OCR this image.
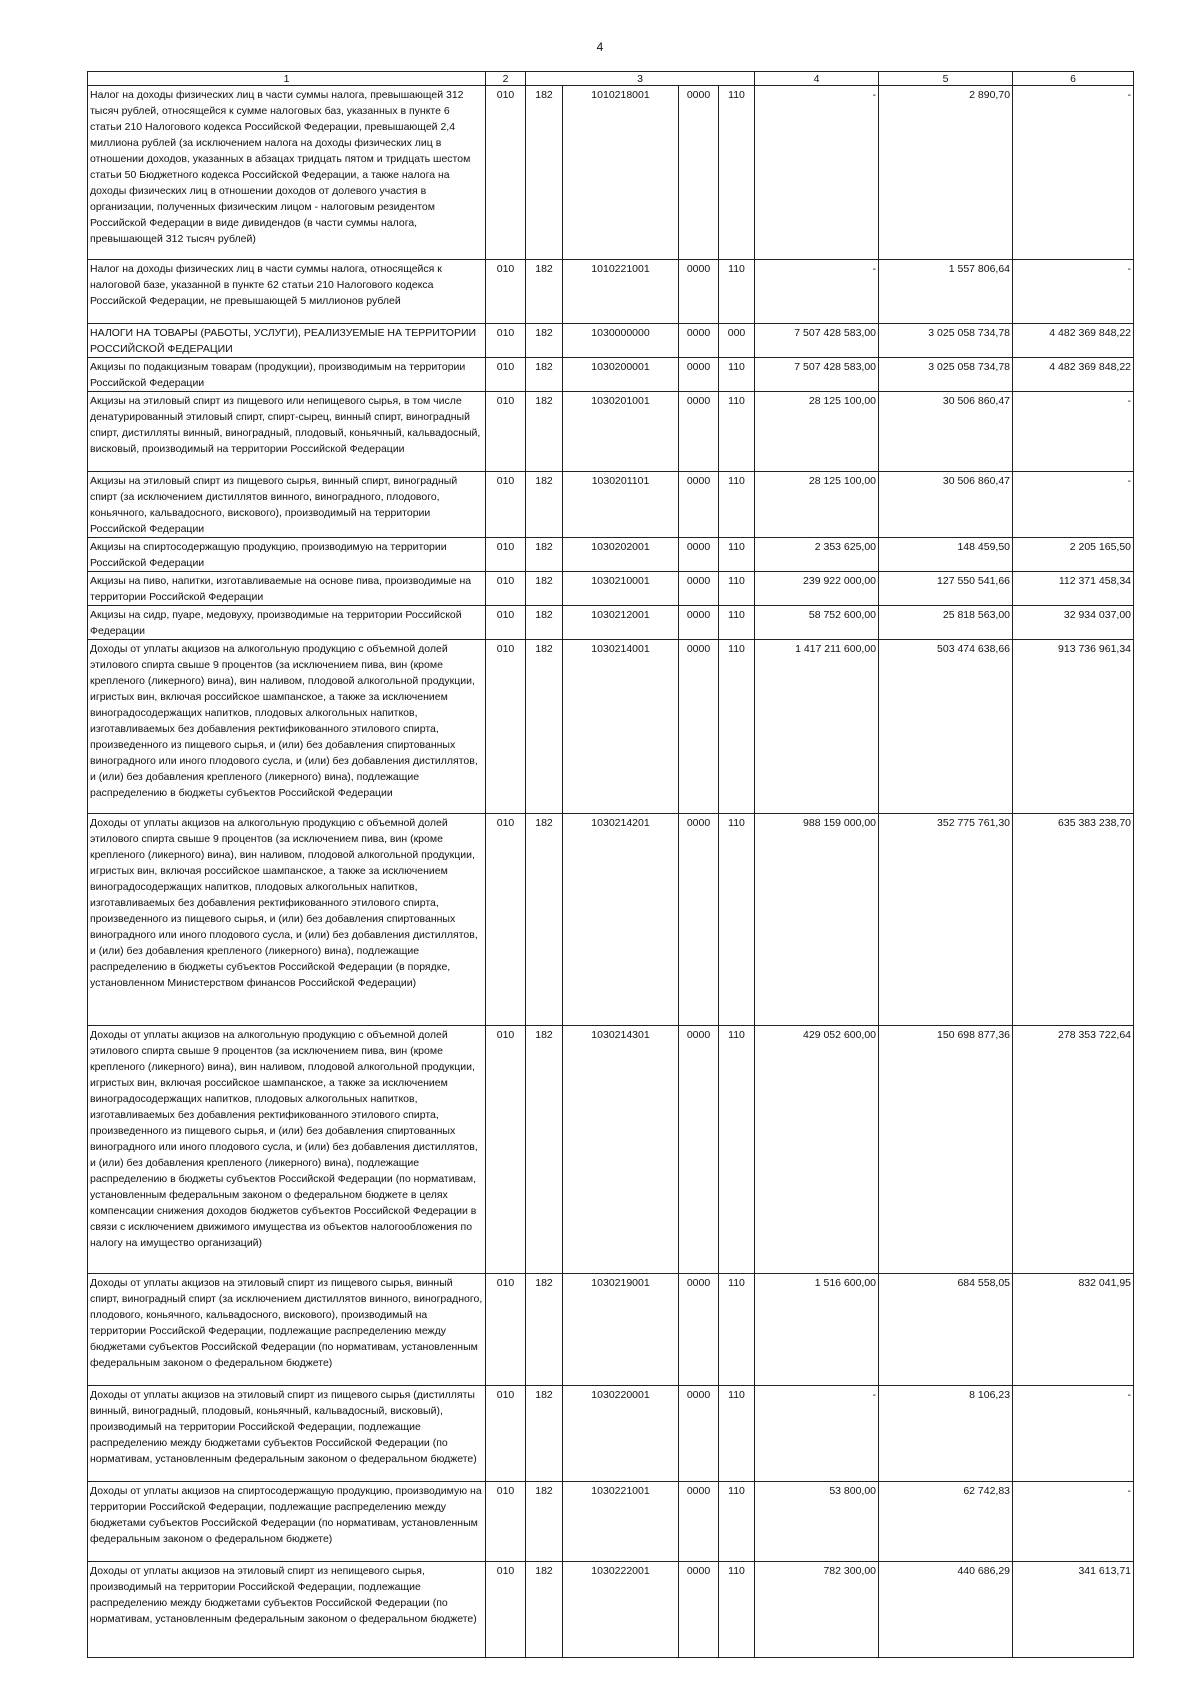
4
1	2	3				4	5	6
Налог на доходы физических лиц в части суммы налога, превышающей 312 тысяч рублей, относящейся к сумме налоговых баз, указанных в пункте 6 статьи 210 Налогового кодекса Российской Федерации, превышающей 2,4 миллиона рублей (за исключением налога на доходы физических лиц в отношении доходов, указанных в абзацах тридцать пятом и тридцать шестом статьи 50 Бюджетного кодекса Российской Федерации, а также налога на доходы физических лиц в отношении доходов от долевого участия в организации, полученных физическим лицом - налоговым резидентом Российской Федерации в виде дивидендов (в части суммы налога, превышающей 312 тысяч рублей)	010	182	1010218001	0000	110	-	2 890,70	-
Налог на доходы физических лиц в части суммы налога, относящейся к налоговой базе, указанной в пункте 62 статьи 210 Налогового кодекса Российской Федерации, не превышающей 5 миллионов рублей	010	182	1010221001	0000	110	-	1 557 806,64	-
НАЛОГИ НА ТОВАРЫ (РАБОТЫ, УСЛУГИ), РЕАЛИЗУЕМЫЕ НА ТЕРРИТОРИИ РОССИЙСКОЙ ФЕДЕРАЦИИ	010	182	1030000000	0000	000	7 507 428 583,00	3 025 058 734,78	4 482 369 848,22
Акцизы по подакцизным товарам (продукции), производимым на территории Российской Федерации	010	182	1030200001	0000	110	7 507 428 583,00	3 025 058 734,78	4 482 369 848,22
Акцизы на этиловый спирт из пищевого или непищевого сырья, в том числе денатурированный этиловый спирт, спирт-сырец, винный спирт, виноградный спирт, дистилляты винный, виноградный, плодовый, коньячный, кальвадосный, висковый, производимый на территории Российской Федерации	010	182	1030201001	0000	110	28 125 100,00	30 506 860,47	-
Акцизы на этиловый спирт из пищевого сырья, винный спирт, виноградный спирт (за исключением дистиллятов винного, виноградного, плодового, коньячного, кальвадосного, вискового), производимый на территории Российской Федерации	010	182	1030201101	0000	110	28 125 100,00	30 506 860,47	-
Акцизы на спиртосодержащую продукцию, производимую на территории Российской Федерации	010	182	1030202001	0000	110	2 353 625,00	148 459,50	2 205 165,50
Акцизы на пиво, напитки, изготавливаемые на основе пива, производимые на территории Российской Федерации	010	182	1030210001	0000	110	239 922 000,00	127 550 541,66	112 371 458,34
Акцизы на сидр, пуаре, медовуху, производимые на территории Российской Федерации	010	182	1030212001	0000	110	58 752 600,00	25 818 563,00	32 934 037,00
Доходы от уплаты акцизов на алкогольную продукцию с объемной долей этилового спирта свыше 9 процентов (за исключением пива, вин (кроме крепленого (ликерного) вина), вин наливом, плодовой алкогольной продукции, игристых вин, включая российское шампанское, а также за исключением виноградосодержащих напитков, плодовых алкогольных напитков, изготавливаемых без добавления ректификованного этилового спирта, произведенного из пищевого сырья, и (или) без добавления спиртованных виноградного или иного плодового сусла, и (или) без добавления дистиллятов, и (или) без добавления крепленого (ликерного) вина), подлежащие распределению в бюджеты субъектов Российской Федерации	010	182	1030214001	0000	110	1 417 211 600,00	503 474 638,66	913 736 961,34
Доходы от уплаты акцизов на алкогольную продукцию с объемной долей этилового спирта свыше 9 процентов (за исключением пива, вин (кроме крепленого (ликерного) вина), вин наливом, плодовой алкогольной продукции, игристых вин, включая российское шампанское, а также за исключением виноградосодержащих напитков, плодовых алкогольных напитков, изготавливаемых без добавления ректификованного этилового спирта, произведенного из пищевого сырья, и (или) без добавления спиртованных виноградного или иного плодового сусла, и (или) без добавления дистиллятов, и (или) без добавления крепленого (ликерного) вина), подлежащие распределению в бюджеты субъектов Российской Федерации (в порядке, установленном Министерством финансов Российской Федерации)	010	182	1030214201	0000	110	988 159 000,00	352 775 761,30	635 383 238,70
Доходы от уплаты акцизов на алкогольную продукцию с объемной долей этилового спирта свыше 9 процентов (за исключением пива, вин (кроме крепленого (ликерного) вина), вин наливом, плодовой алкогольной продукции, игристых вин, включая российское шампанское, а также за исключением виноградосодержащих напитков, плодовых алкогольных напитков, изготавливаемых без добавления ректификованного этилового спирта, произведенного из пищевого сырья, и (или) без добавления спиртованных виноградного или иного плодового сусла, и (или) без добавления дистиллятов, и (или) без добавления крепленого (ликерного) вина), подлежащие распределению в бюджеты субъектов Российской Федерации (по нормативам, установленным федеральным законом о федеральном бюджете в целях компенсации снижения доходов бюджетов субъектов Российской Федерации в связи с исключением движимого имущества из объектов налогообложения по налогу на имущество организаций)	010	182	1030214301	0000	110	429 052 600,00	150 698 877,36	278 353 722,64
Доходы от уплаты акцизов на этиловый спирт из пищевого сырья, винный спирт, виноградный спирт (за исключением дистиллятов винного, виноградного, плодового, коньячного, кальвадосного, вискового), производимый на территории Российской Федерации, подлежащие распределению между бюджетами субъектов Российской Федерации (по нормативам, установленным федеральным законом о федеральном бюджете)	010	182	1030219001	0000	110	1 516 600,00	684 558,05	832 041,95
Доходы от уплаты акцизов на этиловый спирт из пищевого сырья (дистилляты винный, виноградный, плодовый, коньячный, кальвадосный, висковый), производимый на территории Российской Федерации, подлежащие распределению между бюджетами субъектов Российской Федерации (по нормативам, установленным федеральным законом о федеральном бюджете)	010	182	1030220001	0000	110	-	8 106,23	-
Доходы от уплаты акцизов на спиртосодержащую продукцию, производимую на территории Российской Федерации, подлежащие распределению между бюджетами субъектов Российской Федерации (по нормативам, установленным федеральным законом о федеральном бюджете)	010	182	1030221001	0000	110	53 800,00	62 742,83	-
Доходы от уплаты акцизов на этиловый спирт из непищевого сырья, производимый на территории Российской Федерации, подлежащие распределению между бюджетами субъектов Российской Федерации (по нормативам, установленным федеральным законом о федеральном бюджете)	010	182	1030222001	0000	110	782 300,00	440 686,29	341 613,71
